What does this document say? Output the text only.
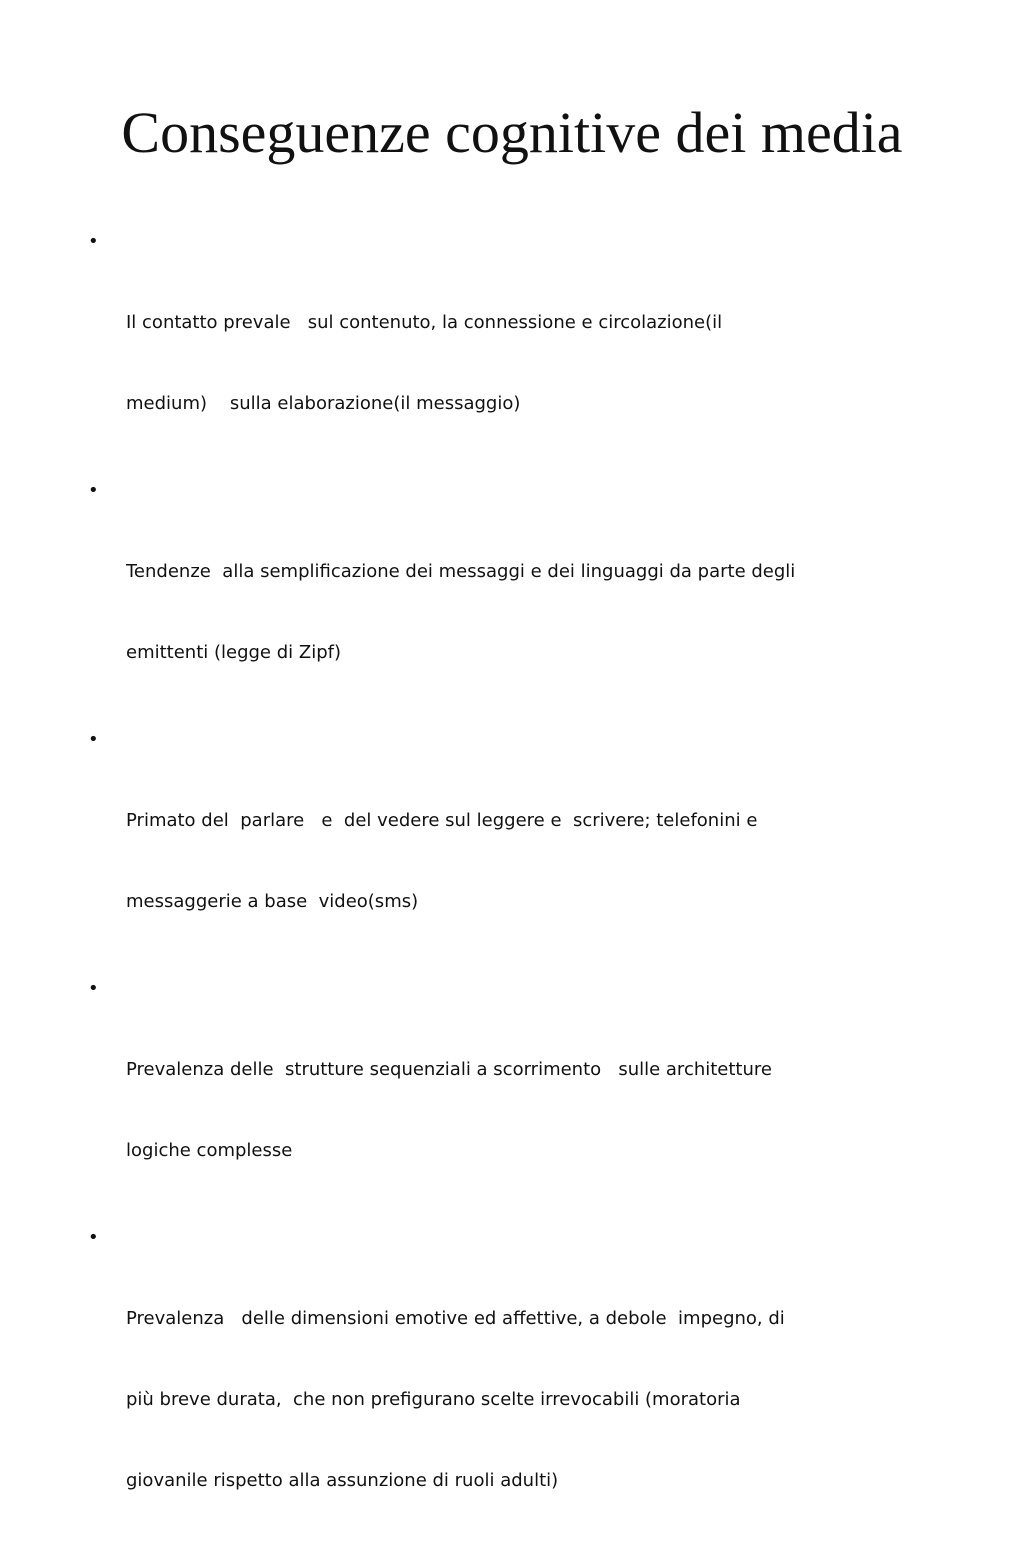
Conseguenze cognitive dei media

•

Il contatto prevale   sul contenuto, la connessione e circolazione(il

medium)    sulla elaborazione(il messaggio)

•

Tendenze  alla semplificazione dei messaggi e dei linguaggi da parte degli

emittenti (legge di Zipf)

•

Primato del  parlare   e  del vedere sul leggere e  scrivere; telefonini e

messaggerie a base  video(sms)

•

Prevalenza delle  strutture sequenziali a scorrimento   sulle architetture

logiche complesse

•

Prevalenza   delle dimensioni emotive ed affettive, a debole  impegno, di

più breve durata,  che non prefigurano scelte irrevocabili (moratoria

giovanile rispetto alla assunzione di ruoli adulti)
